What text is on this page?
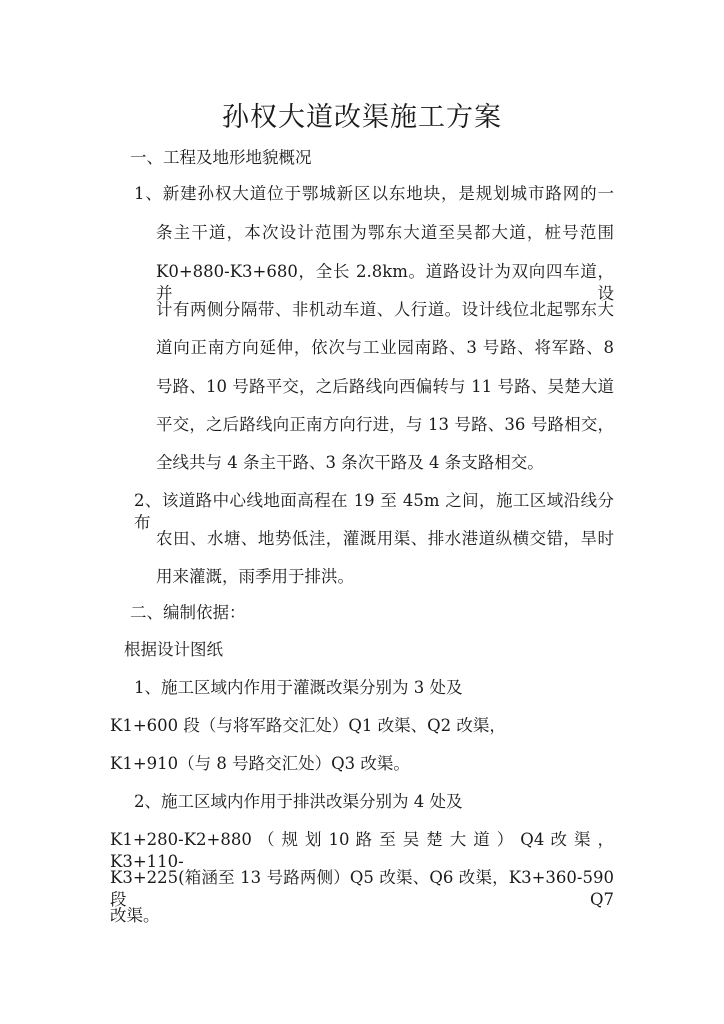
孙权大道改渠施工方案
一、工程及地形地貌概况
1、新建孙权大道位于鄂城新区以东地块，是规划城市路网的一
条主干道，本次设计范围为鄂东大道至吴都大道，桩号范围
K0+880-K3+680，全长 2.8km。道路设计为双向四车道，并设
计有两侧分隔带、非机动车道、人行道。设计线位北起鄂东大
道向正南方向延伸，依次与工业园南路、3 号路、将军路、8
号路、10 号路平交，之后路线向西偏转与 11 号路、吴楚大道
平交，之后路线向正南方向行进，与 13 号路、36 号路相交，
全线共与 4 条主干路、3 条次干路及 4 条支路相交。
2、该道路中心线地面高程在 19 至 45m 之间，施工区域沿线分布
农田、水塘、地势低洼，灌溉用渠、排水港道纵横交错，旱时
用来灌溉，雨季用于排洪。
二、编制依据：
根据设计图纸
1、施工区域内作用于灌溉改渠分别为 3 处及
K1+600 段（与将军路交汇处）Q1 改渠、Q2 改渠，
K1+910（与 8 号路交汇处）Q3 改渠。
2、施工区域内作用于排洪改渠分别为 4 处及
K1+280-K2+880 （ 规 划 10 路 至 吴 楚 大 道 ） Q4 改 渠 ， K3+110-
K3+225(箱涵至 13 号路两侧）Q5 改渠、Q6 改渠，K3+360-590 段 Q7
改渠。
